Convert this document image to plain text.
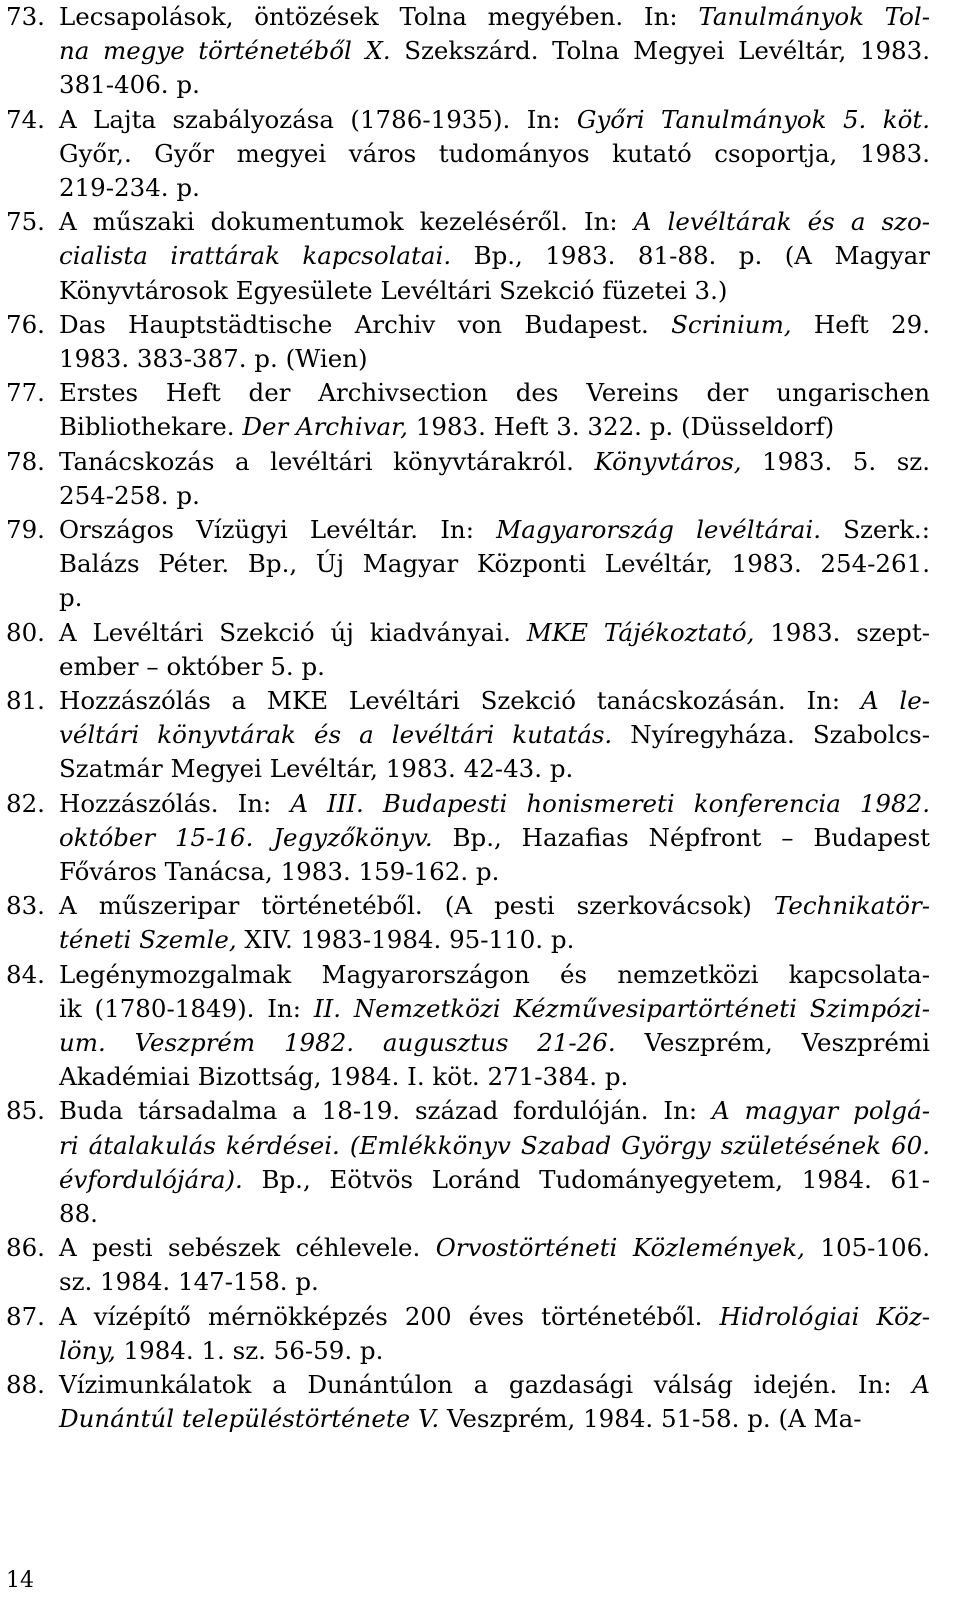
73. Lecsapolások, öntözések Tolna megyében. In: Tanulmányok Tol-
na megye történetéből X. Szekszárd. Tolna Megyei Levéltár, 1983.
381-406. p.
74. A Lajta szabályozása (1786-1935). In: Győri Tanulmányok 5. köt.
Győr,. Győr megyei város tudományos kutató csoportja, 1983.
219-234. p.
75. A műszaki dokumentumok kezeléséről. In: A levéltárak és a szo-
cialista irattárak kapcsolatai. Bp., 1983. 81-88. p. (A Magyar
Könyvtárosok Egyesülete Levéltári Szekció füzetei 3.)
76. Das Hauptstädtische Archiv von Budapest. Scrinium, Heft 29.
1983. 383-387. p. (Wien)
77. Erstes Heft der Archivsection des Vereins der ungarischen
Bibliothekare. Der Archivar, 1983. Heft 3. 322. p. (Düsseldorf)
78. Tanácskozás a levéltári könyvtárakról. Könyvtáros, 1983. 5. sz.
254-258. p.
79. Országos Vízügyi Levéltár. In: Magyarország levéltárai. Szerk.:
Balázs Péter. Bp., Új Magyar Központi Levéltár, 1983. 254-261.
p.
80. A Levéltári Szekció új kiadványai. MKE Tájékoztató, 1983. szept-
ember – október 5. p.
81. Hozzászólás a MKE Levéltári Szekció tanácskozásán. In: A le-
véltári könyvtárak és a levéltári kutatás. Nyíregyháza. Szabolcs-
Szatmár Megyei Levéltár, 1983. 42-43. p.
82. Hozzászólás. In: A III. Budapesti honismereti konferencia 1982.
október 15-16. Jegyzőkönyv. Bp., Hazafias Népfront – Budapest
Főváros Tanácsa, 1983. 159-162. p.
83. A műszeripar történetéből. (A pesti szerkovácsok) Technikatör-
téneti Szemle, XIV. 1983-1984. 95-110. p.
84. Legénymozgalmak Magyarországon és nemzetközi kapcsolata-
ik (1780-1849). In: II. Nemzetközi Kézművesipartörténeti Szimpózi-
um. Veszprém 1982. augusztus 21-26. Veszprém, Veszprémi
Akadémiai Bizottság, 1984. I. köt. 271-384. p.
85. Buda társadalma a 18-19. század fordulóján. In: A magyar polgá-
ri átalakulás kérdései. (Emlékkönyv Szabad György születésének 60.
évfordulójára). Bp., Eötvös Loránd Tudományegyetem, 1984. 61-
88.
86. A pesti sebészek céhlevele. Orvostörténeti Közlemények, 105-106.
sz. 1984. 147-158. p.
87. A vízépítő mérnökképzés 200 éves történetéből. Hidrológiai Köz-
löny, 1984. 1. sz. 56-59. p.
88. Vízimunkálatok a Dunántúlon a gazdasági válság idején. In: A
Dunántúl településtörténete V. Veszprém, 1984. 51-58. p. (A Ma-
14
